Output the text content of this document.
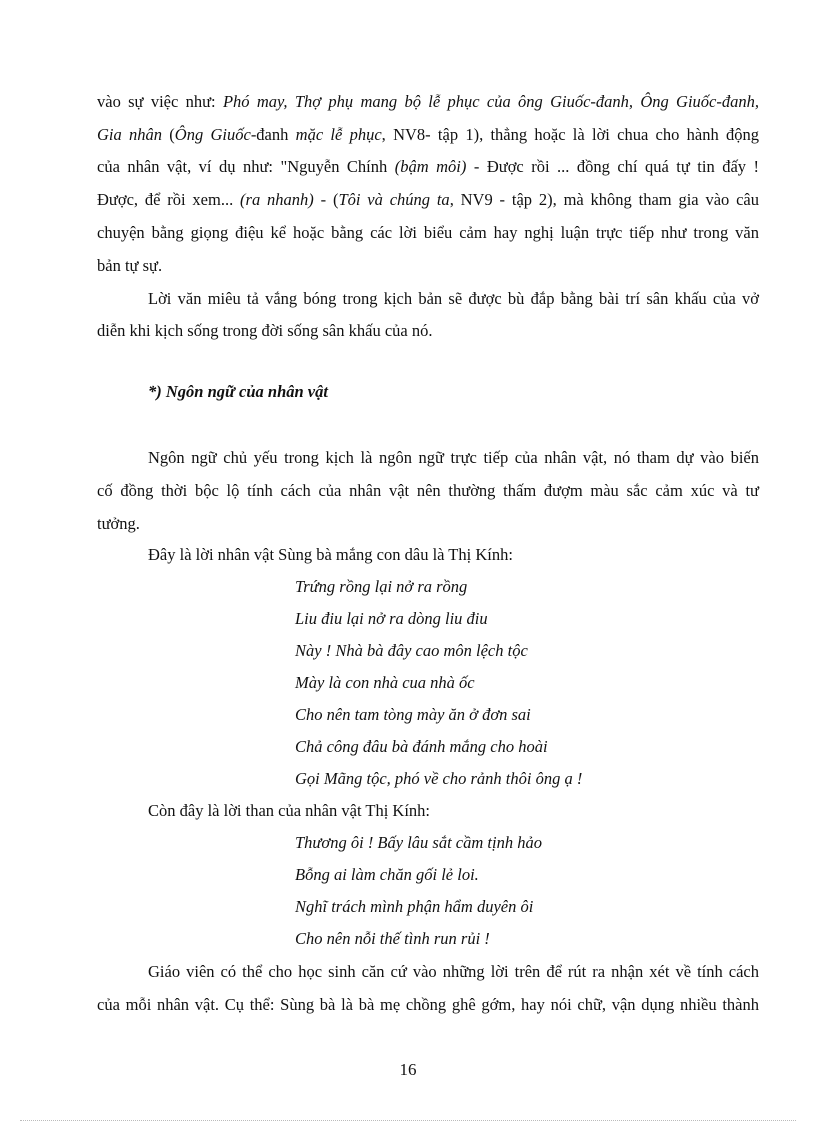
vào sự việc như: Phó may, Thợ phụ mang bộ lễ phục của ông Giuốc-đanh, Ông Giuốc-đanh,
Gia nhân (Ông Giuốc-đanh mặc lễ phục, NV8- tập 1), thẳng hoặc là lời chua cho hành động
của nhân vật, ví dụ như: "Nguyễn Chính (bậm môi) - Được rồi ... đồng chí quá tự tin đấy !
Được, để rồi xem... (ra nhanh) - (Tôi và chúng ta, NV9 - tập 2), mà không tham gia vào câu
chuyện bằng giọng điệu kể hoặc bằng các lời biểu cảm hay nghị luận trực tiếp như trong văn
bản tự sự.
Lời văn miêu tả vắng bóng trong kịch bản sẽ được bù đắp bằng bài trí sân khấu của vở
diễn khi kịch sống trong đời sống sân khấu của nó.
*) Ngôn ngữ của nhân vật
Ngôn ngữ chủ yếu trong kịch là ngôn ngữ trực tiếp của nhân vật, nó tham dự vào biến
cố đồng thời bộc lộ tính cách của nhân vật nên thường thấm đượm màu sắc cảm xúc và tư
tưởng.
Đây là lời nhân vật Sùng bà mắng con dâu là Thị Kính:
Trứng rồng lại nở ra rồng
Liu điu lại nở ra dòng liu điu
Này ! Nhà bà đây cao môn lệch tộc
Mày là con nhà cua nhà ốc
Cho nên tam tòng mày ăn ở đơn sai
Chả công đâu bà đánh mắng cho hoài
Gọi Mãng tộc, phó về cho rảnh thôi ông ạ !
Còn đây là lời than của nhân vật Thị Kính:
Thương ôi ! Bấy lâu sắt cầm tịnh hảo
Bỗng ai làm chăn gối lẻ loi.
Nghĩ trách mình phận hẩm duyên ôi
Cho nên nỗi thế tình run rủi !
Giáo viên có thể cho học sinh căn cứ vào những lời trên để rút ra nhận xét về tính cách
của mỗi nhân vật. Cụ thể: Sùng bà là bà mẹ chồng ghê gớm, hay nói chữ, vận dụng nhiều thành
16
